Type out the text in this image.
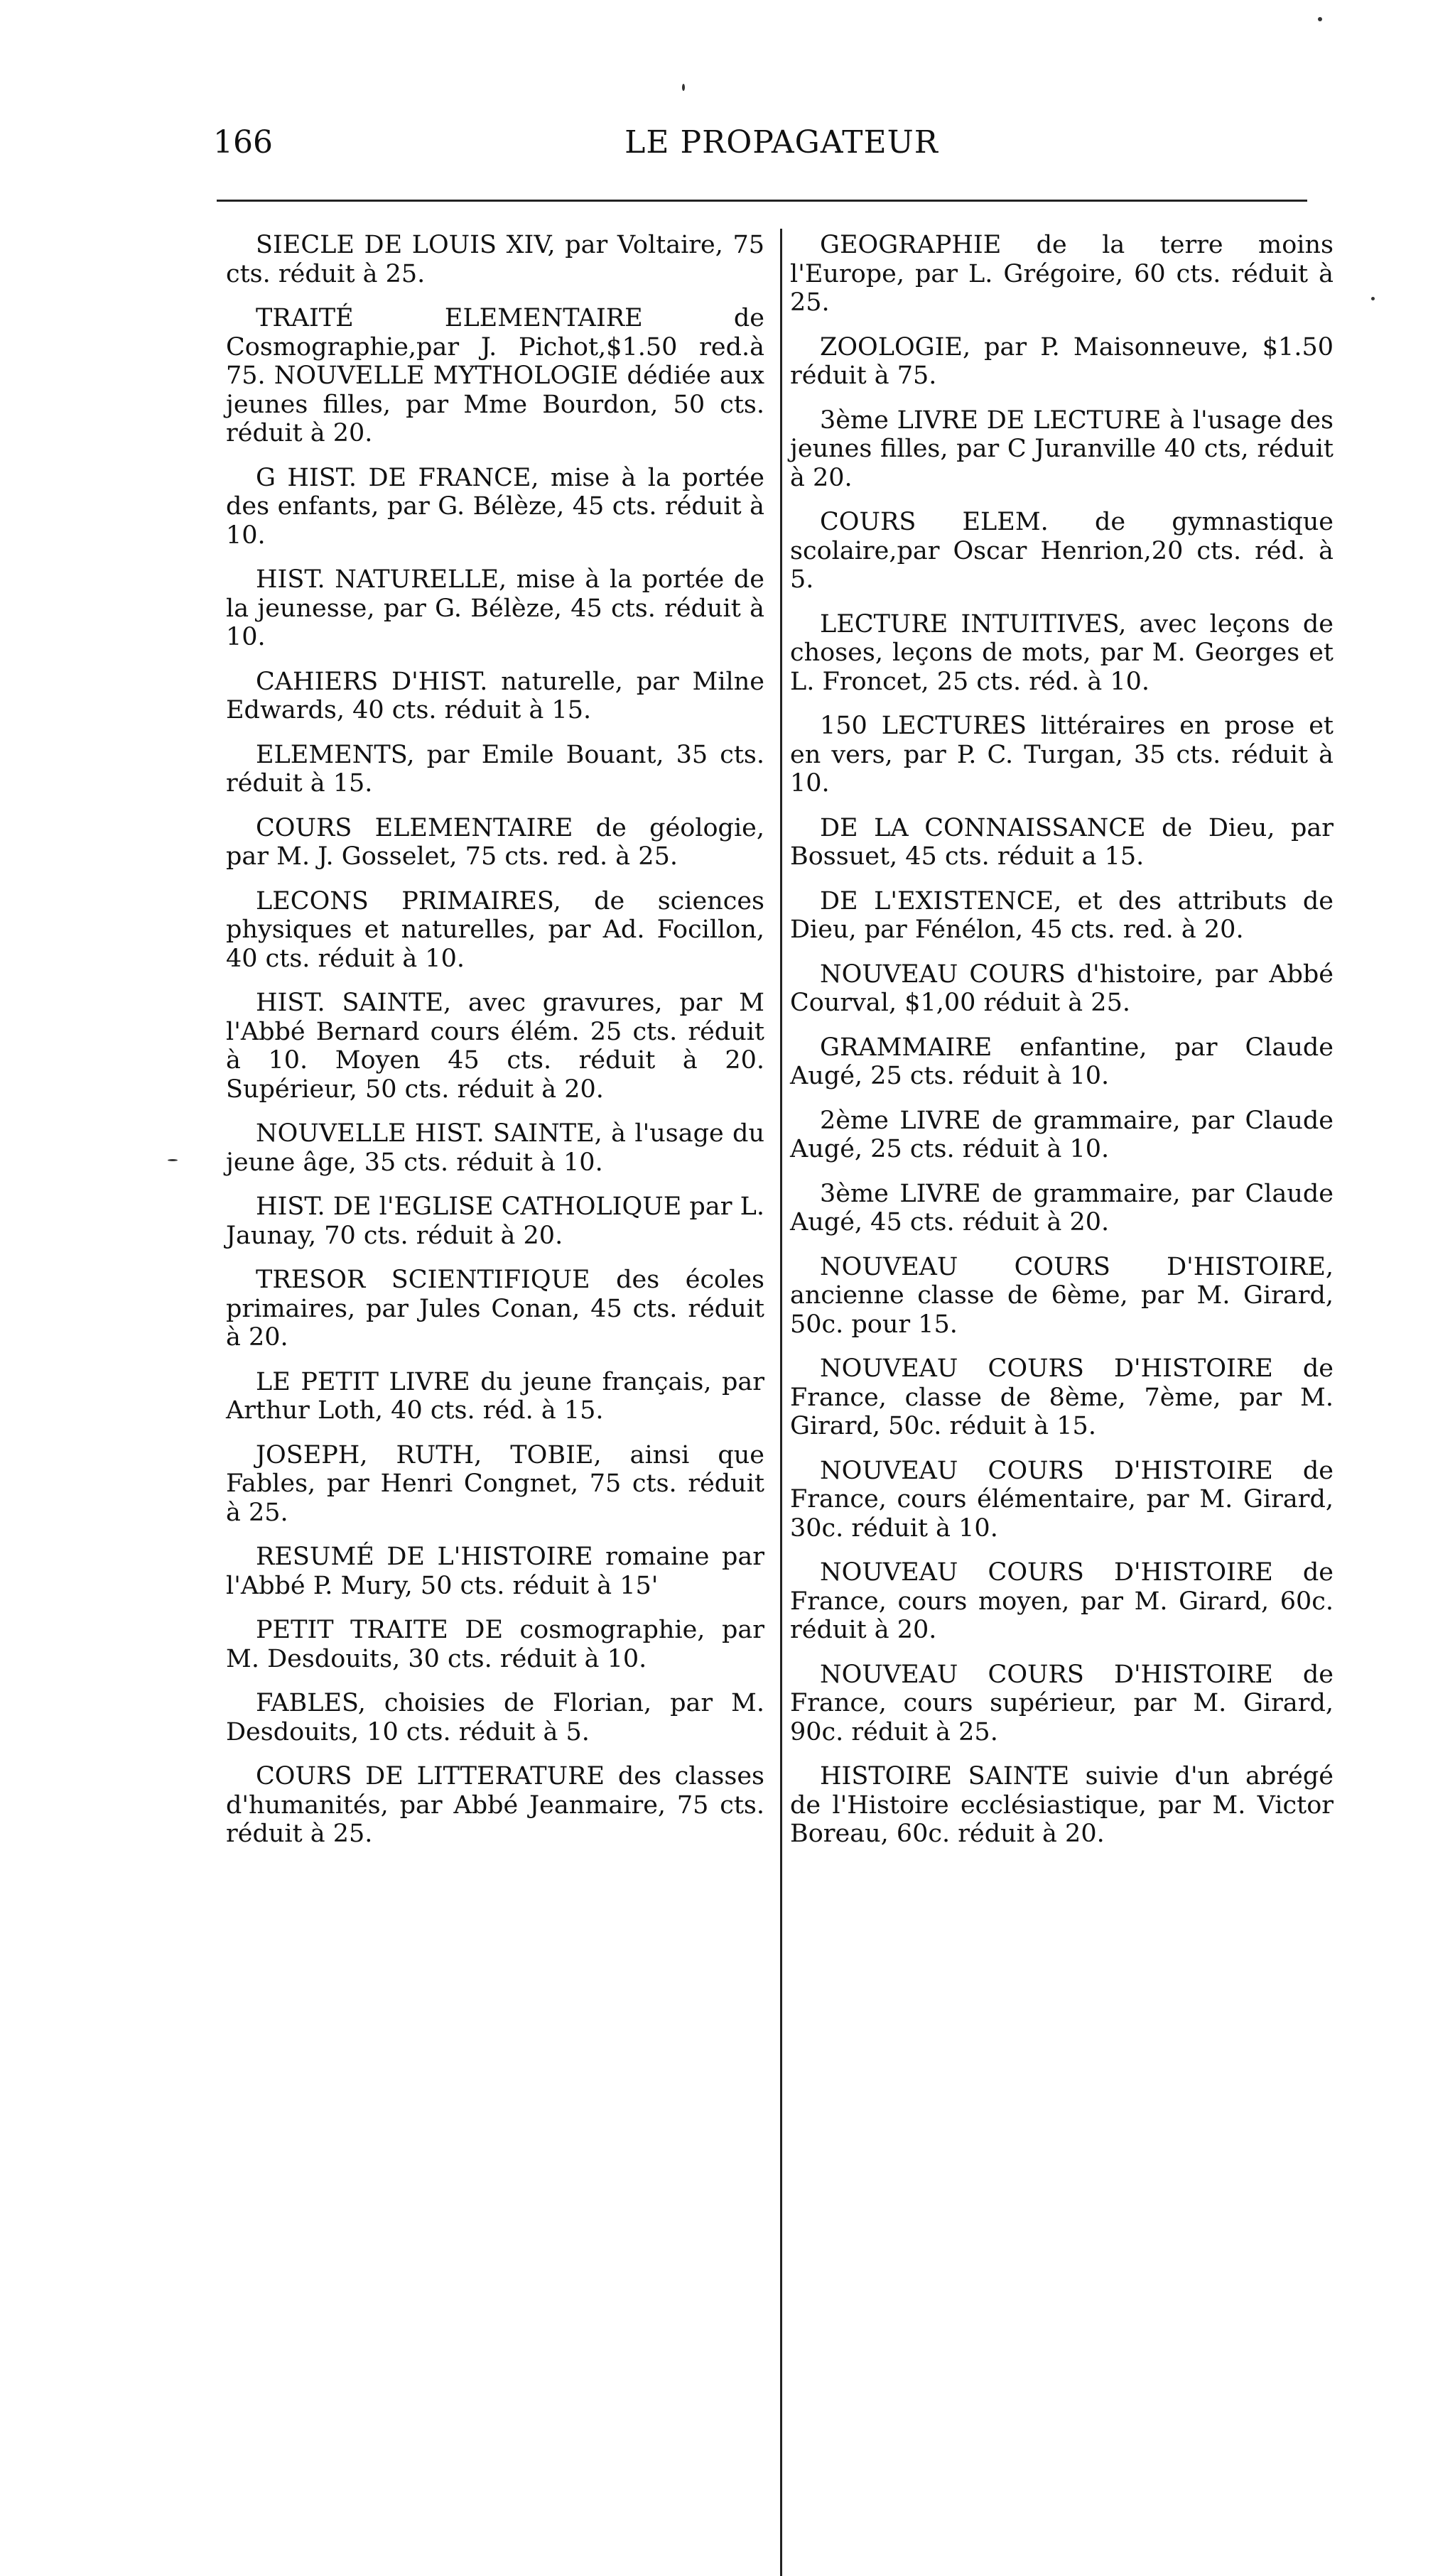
166	LE PROPAGATEUR

SIECLE DE LOUIS XIV, par Voltaire, 75 cts. réduit à 25.

TRAITÉ ELEMENTAIRE de Cosmographie,par J. Pichot,$1.50 red.à 75. NOUVELLE MYTHOLOGIE dédiée aux jeunes filles, par Mme Bourdon, 50 cts. réduit à 20.

G HIST. DE FRANCE, mise à la portée des enfants, par G. Bélèze, 45 cts. réduit à 10.

HIST. NATURELLE, mise à la portée de la jeunesse, par G. Bélèze, 45 cts. réduit à 10.

CAHIERS D'HIST. naturelle, par Milne Edwards, 40 cts. réduit à 15.

ELEMENTS, par Emile Bouant, 35 cts. réduit à 15.

COURS ELEMENTAIRE de géologie, par M. J. Gosselet, 75 cts. red. à 25.

LECONS PRIMAIRES, de sciences physiques et naturelles, par Ad. Focillon, 40 cts. réduit à 10.

HIST. SAINTE, avec gravures, par M l'Abbé Bernard cours élém. 25 cts. réduit à 10. Moyen 45 cts. réduit à 20. Supérieur, 50 cts. réduit à 20.

NOUVELLE HIST. SAINTE, à l'usage du jeune âge, 35 cts. réduit à 10.

HIST. DE l'EGLISE CATHOLIQUE par L. Jaunay, 70 cts. réduit à 20.

TRESOR SCIENTIFIQUE des écoles primaires, par Jules Conan, 45 cts. réduit à 20.

LE PETIT LIVRE du jeune français, par Arthur Loth, 40 cts. réd. à 15.

JOSEPH, RUTH, TOBIE, ainsi que Fables, par Henri Congnet, 75 cts. réduit à 25.

RESUMÉ DE L'HISTOIRE romaine par l'Abbé P. Mury, 50 cts. réduit à 15'

PETIT TRAITE DE cosmographie, par M. Desdouits, 30 cts. réduit à 10.

FABLES, choisies de Florian, par M. Desdouits, 10 cts. réduit à 5.

COURS DE LITTERATURE des classes d'humanités, par Abbé Jeanmaire, 75 cts. réduit à 25.

GEOGRAPHIE de la terre moins l'Europe, par L. Grégoire, 60 cts. réduit à 25.

ZOOLOGIE, par P. Maisonneuve, $1.50 réduit à 75.

3ème LIVRE DE LECTURE à l'usage des jeunes filles, par C Juranville 40 cts, réduit à 20.

COURS ELEM. de gymnastique scolaire,par Oscar Henrion,20 cts. réd. à 5.

LECTURE INTUITIVES, avec leçons de choses, leçons de mots, par M. Georges et L. Froncet, 25 cts. réd. à 10.

150 LECTURES littéraires en prose et en vers, par P. C. Turgan, 35 cts. réduit à 10.

DE LA CONNAISSANCE de Dieu, par Bossuet, 45 cts. réduit a 15.

DE L'EXISTENCE, et des attributs de Dieu, par Fénélon, 45 cts. red. à 20.

NOUVEAU COURS d'histoire, par Abbé Courval, $1,00 réduit à 25.

GRAMMAIRE enfantine, par Claude Augé, 25 cts. réduit à 10.

2ème LIVRE de grammaire, par Claude Augé, 25 cts. réduit à 10.

3ème LIVRE de grammaire, par Claude Augé, 45 cts. réduit à 20.

NOUVEAU COURS D'HISTOIRE, ancienne classe de 6ème, par M. Girard, 50c. pour 15.

NOUVEAU COURS D'HISTOIRE de France, classe de 8ème, 7ème, par M. Girard, 50c. réduit à 15.

NOUVEAU COURS D'HISTOIRE de France, cours élémentaire, par M. Girard, 30c. réduit à 10.

NOUVEAU COURS D'HISTOIRE de France, cours moyen, par M. Girard, 60c. réduit à 20.

NOUVEAU COURS D'HISTOIRE de France, cours supérieur, par M. Girard, 90c. réduit à 25.

HISTOIRE SAINTE suivie d'un abrégé de l'Histoire ecclésiastique, par M. Victor Boreau, 60c. réduit à 20.
